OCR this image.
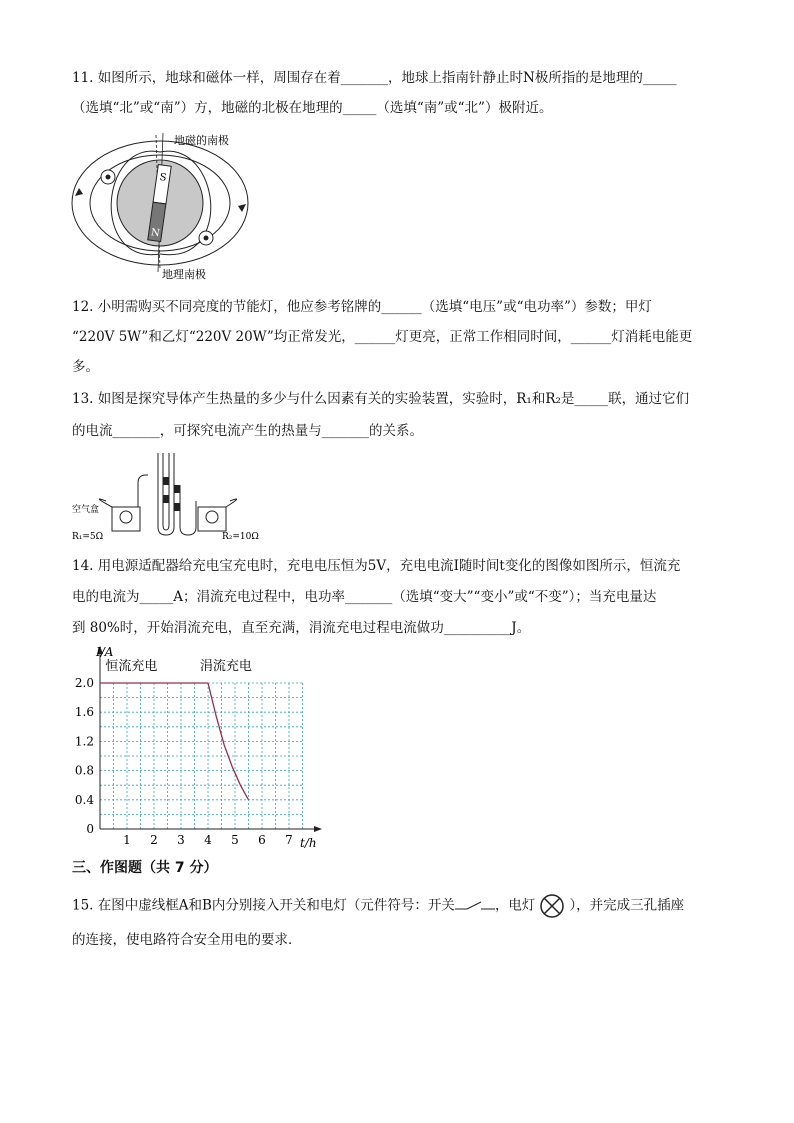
11. 如图所示，地球和磁体一样，周围存在着_______，地球上指南针静止时N极所指的是地理的_____
（选填“北”或“南”）方，地磁的北极在地理的_____（选填“南”或“北”）极附近。
S
N
地磁的南极
地理南极
12. 小明需购买不同亮度的节能灯，他应参考铭牌的______（选填“电压”或“电功率”）参数；甲灯
“220V 5W”和乙灯“220V 20W”均正常发光，______灯更亮，正常工作相同时间，______灯消耗电能更
多。
13. 如图是探究导体产生热量的多少与什么因素有关的实验装置，实验时，R₁和R₂是_____联，通过它们
的电流_______，可探究电流产生的热量与_______的关系。
空气盒
R₁=5Ω	R₂=10Ω
14. 用电源适配器给充电宝充电时，充电电压恒为5V，充电电流I随时间t变化的图像如图所示，恒流充
电的电流为_____A；涓流充电过程中，电功率_______（选填“变大”“变小”或“不变”）；当充电量达
到 80%时，开始涓流充电，直至充满，涓流充电过程电流做功__________J。
1 2 3 4 5 6 7
0
0.4
0.8
1.2
1.6
2.0
I/A
t/h
恒流充电	涓流充电
三、作图题（共 7 分）
15. 在图中虚线框A和B内分别接入开关和电灯（元件符号：开关	，电灯	），并完成三孔插座
的连接，使电路符合安全用电的要求．
